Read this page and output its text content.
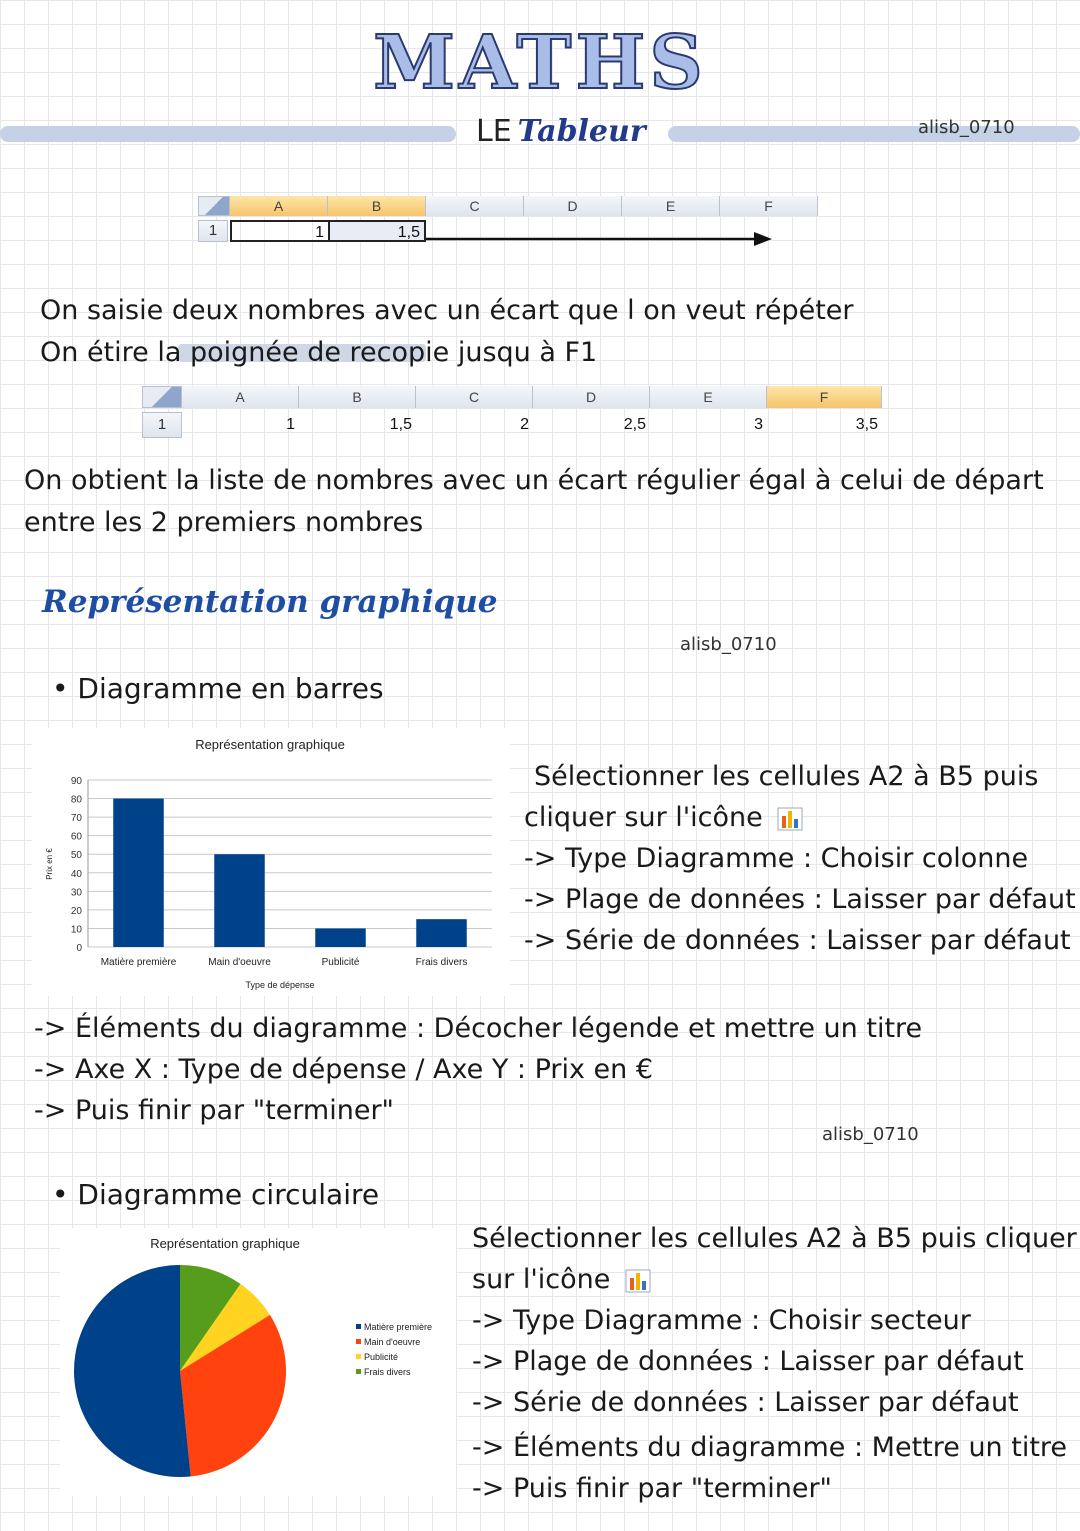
MATHS
LE Tableur	alisb_0710
A	B	C	D	E	F
1	1	1,5
On saisie deux nombres avec un écart que l on veut répéter
On étire la poignée de recopie jusqu à F1
A	B	C	D	E	F
1	1	1,5	2	2,5	3	3,5
On obtient la liste de nombres avec un écart régulier égal à celui de départ
entre les 2 premiers nombres
Représentation graphique
alisb_0710
• Diagramme en barres
Représentation graphique
0
10
20
30
40
50
60
70
80
90
Matière première	Main d'oeuvre	Publicité	Frais divers
Type de dépense
Prix en €
Sélectionner les cellules A2 à B5 puis
cliquer sur l'icône
-> Type Diagramme : Choisir colonne
-> Plage de données : Laisser par défaut
-> Série de données : Laisser par défaut
-> Éléments du diagramme : Décocher légende et mettre un titre
-> Axe X : Type de dépense / Axe Y : Prix en €
-> Puis finir par "terminer"
alisb_0710
• Diagramme circulaire
Représentation graphique
Matière première
Main d'oeuvre
Publicité
Frais divers
Sélectionner les cellules A2 à B5 puis cliquer
sur l'icône
-> Type Diagramme : Choisir secteur
-> Plage de données : Laisser par défaut
-> Série de données : Laisser par défaut
-> Éléments du diagramme : Mettre un titre
-> Puis finir par "terminer"
